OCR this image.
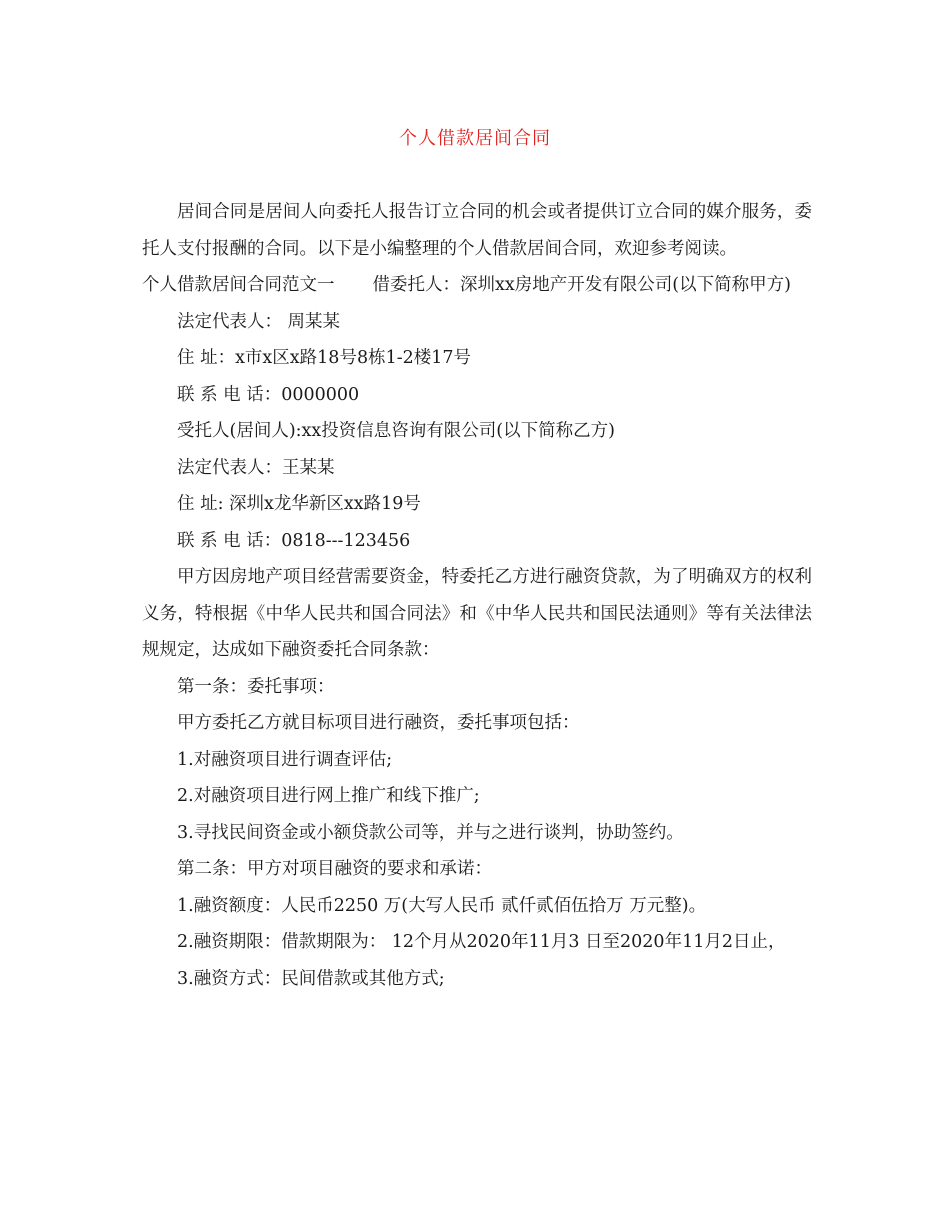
个人借款居间合同

居间合同是居间人向委托人报告订立合同的机会或者提供订立合同的媒介服务，委托人支付报酬的合同。以下是小编整理的个人借款居间合同，欢迎参考阅读。

个人借款居间合同范文一 借委托人：深圳xx房地产开发有限公司(以下简称甲方)

法定代表人： 周某某

住 址：x市x区x路18号8栋1-2楼17号

联 系 电 话：0000000

受托人(居间人):xx投资信息咨询有限公司(以下简称乙方)

法定代表人：王某某

住 址: 深圳x龙华新区xx路19号

联 系 电 话：0818---123456

甲方因房地产项目经营需要资金，特委托乙方进行融资贷款，为了明确双方的权利义务，特根据《中华人民共和国合同法》和《中华人民共和国民法通则》等有关法律法规规定，达成如下融资委托合同条款：

第一条：委托事项：

甲方委托乙方就目标项目进行融资，委托事项包括：

1.对融资项目进行调查评估;

2.对融资项目进行网上推广和线下推广;

3.寻找民间资金或小额贷款公司等，并与之进行谈判，协助签约。

第二条：甲方对项目融资的要求和承诺：

1.融资额度：人民币2250 万(大写人民币 贰仟贰佰伍拾万 万元整)。

2.融资期限：借款期限为： 12个月从2020年11月3 日至2020年11月2日止，

3.融资方式：民间借款或其他方式;
